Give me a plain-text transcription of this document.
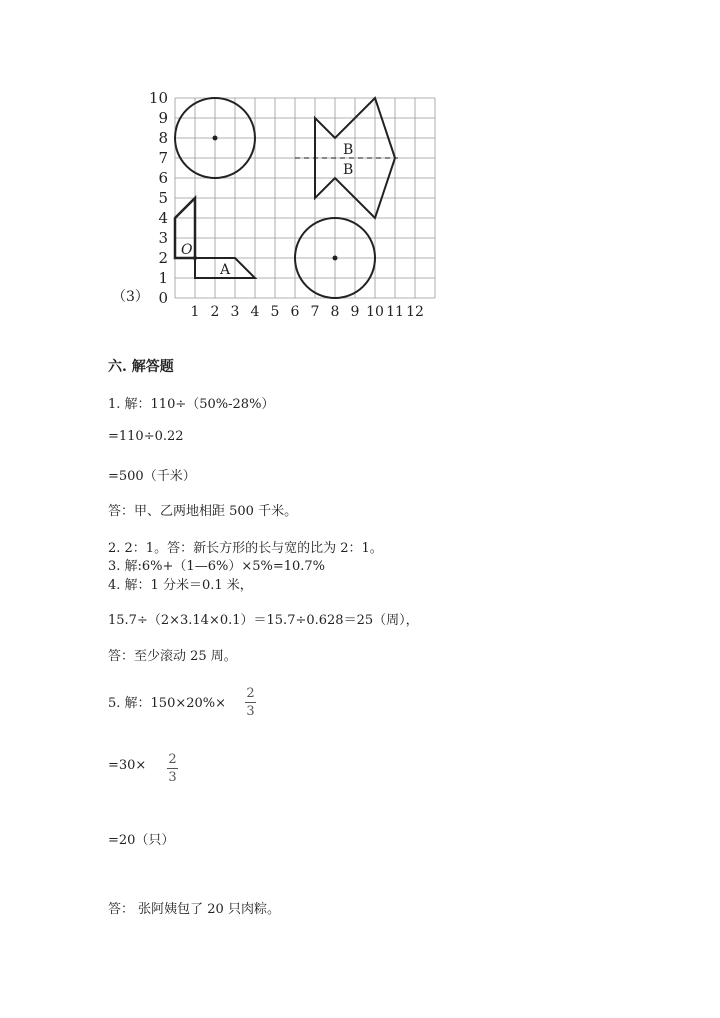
0
1
2
3
4
5
6
7
8
9
10
1 2 3 4 5 6 7 8 9 10 11 12
A
O
B
B
（3）
六. 解答题
1. 解：110÷（50%-28%）
=110÷0.22
=500（千米）
答：甲、乙两地相距 500 千米。
2. 2：1。答：新长方形的长与宽的比为 2：1。
3. 解:6%+（1—6%）×5%=10.7%
4. 解：1 分米＝0.1 米，
15.7÷（2×3.14×0.1）＝15.7÷0.628＝25（周），
答：至少滚动 25 周。
5. 解：150×20%×
2
3
=30× 2
3
=20（只）
答： 张阿姨包了 20 只肉粽。
